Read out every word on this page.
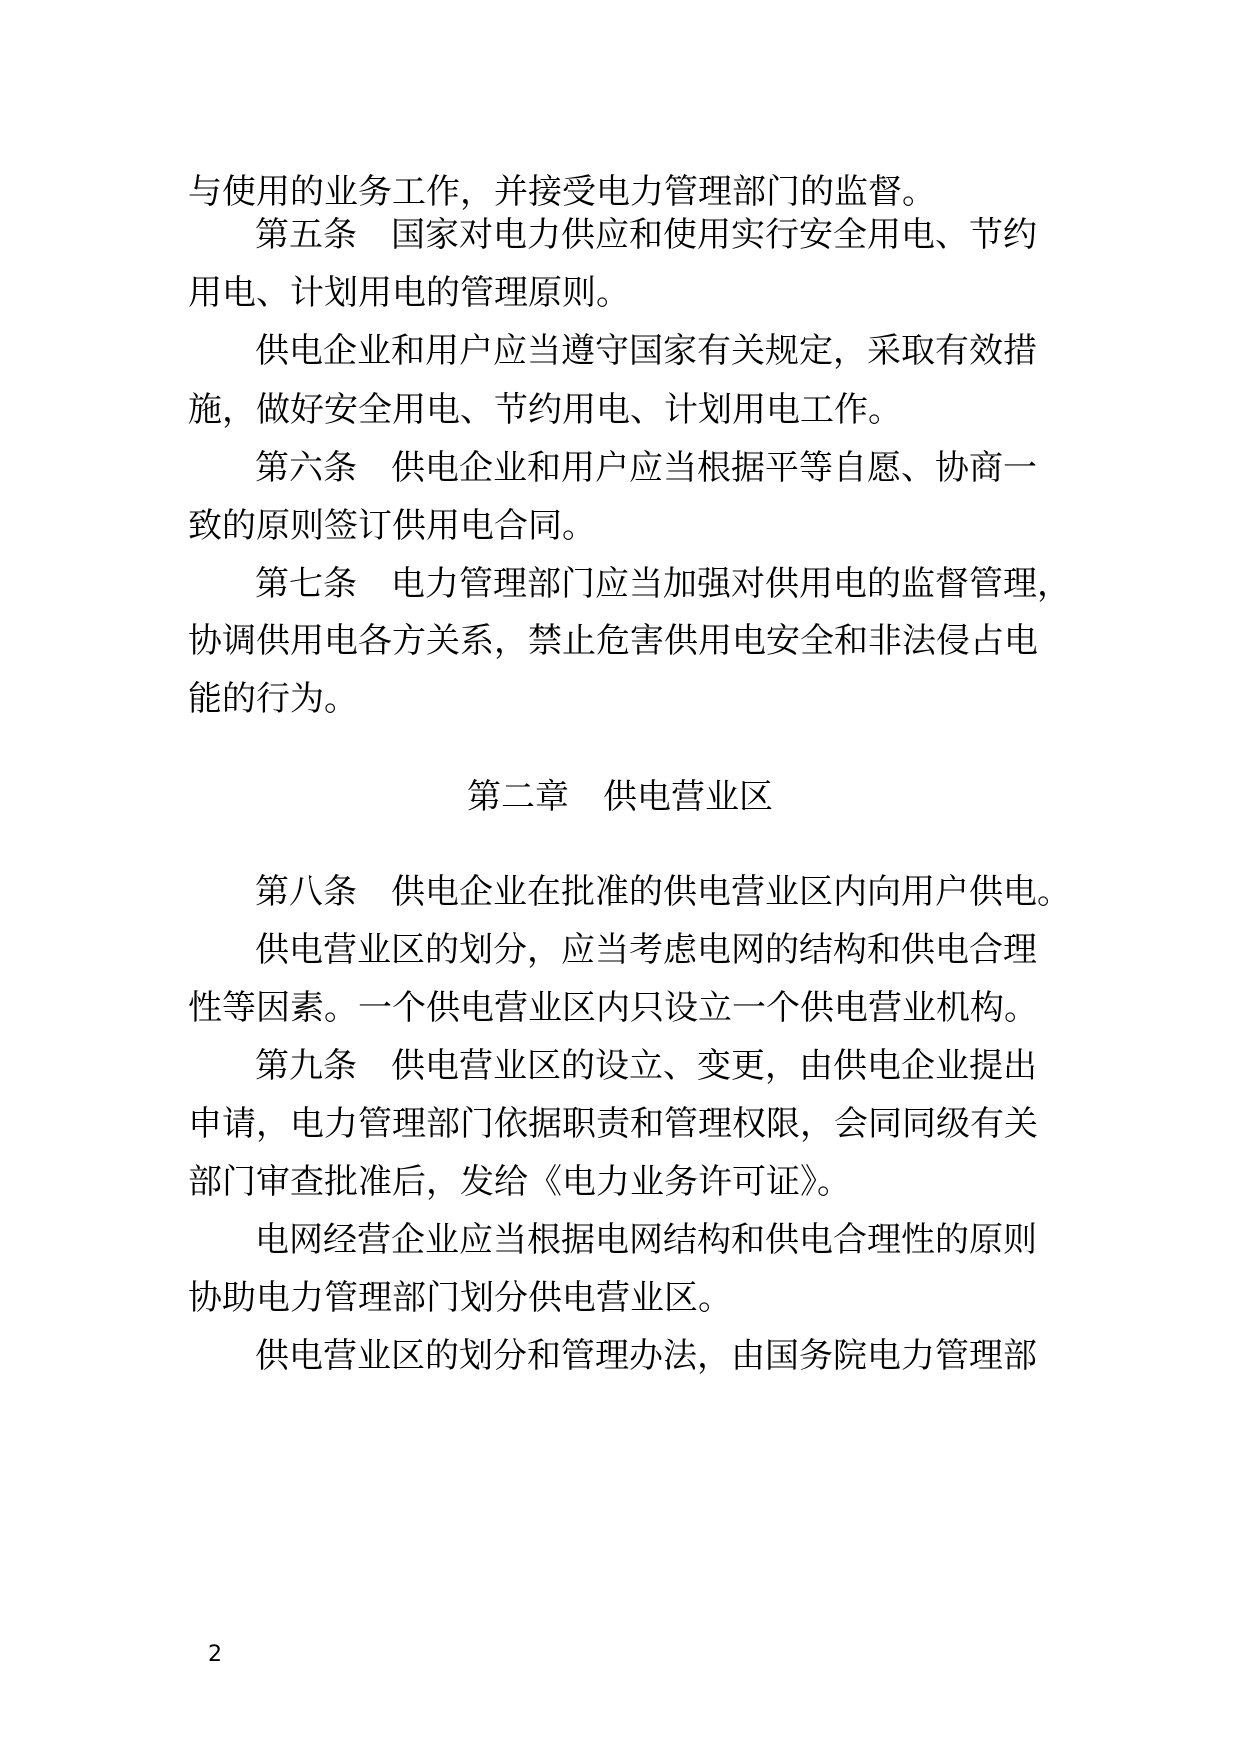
与使用的业务工作，并接受电力管理部门的监督。
第五条　国家对电力供应和使用实行安全用电、节约
用电、计划用电的管理原则。
供电企业和用户应当遵守国家有关规定，采取有效措
施，做好安全用电、节约用电、计划用电工作。
第六条　供电企业和用户应当根据平等自愿、协商一
致的原则签订供用电合同。
第七条　电力管理部门应当加强对供用电的监督管理，
协调供用电各方关系，禁止危害供用电安全和非法侵占电
能的行为。
第二章　供电营业区
第八条　供电企业在批准的供电营业区内向用户供电。
供电营业区的划分，应当考虑电网的结构和供电合理
性等因素。一个供电营业区内只设立一个供电营业机构。
第九条　供电营业区的设立、变更，由供电企业提出
申请，电力管理部门依据职责和管理权限，会同同级有关
部门审查批准后，发给《电力业务许可证》。
电网经营企业应当根据电网结构和供电合理性的原则
协助电力管理部门划分供电营业区。
供电营业区的划分和管理办法，由国务院电力管理部
2
